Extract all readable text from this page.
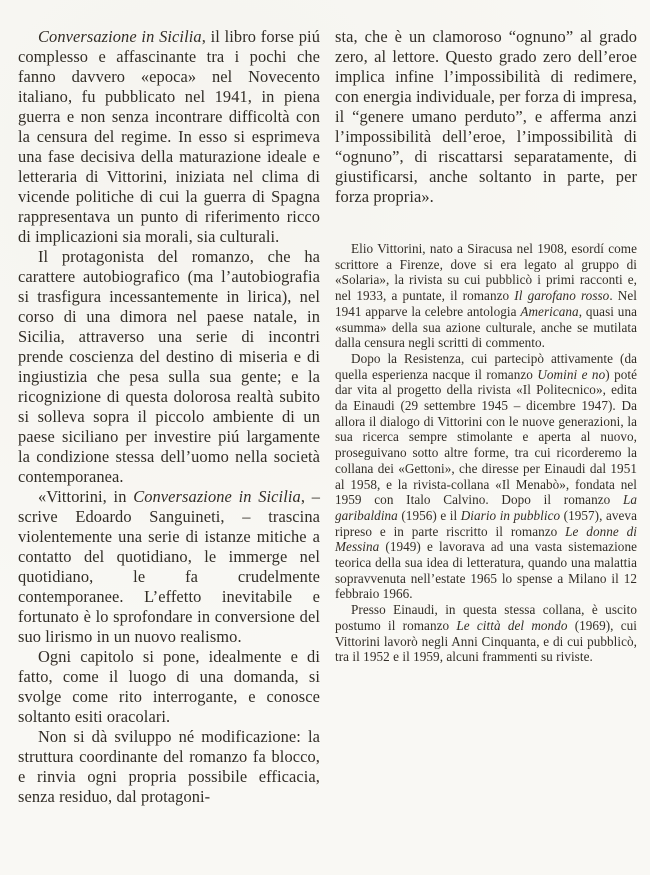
Conversazione in Sicilia, il libro forse piú complesso e affascinante tra i pochi che fanno davvero «epoca» nel Novecento italiano, fu pubblicato nel 1941, in piena guerra e non senza incontrare difficoltà con la censura del regime. In esso si esprimeva una fase decisiva della maturazione ideale e letteraria di Vittorini, iniziata nel clima di vicende politiche di cui la guerra di Spagna rappresentava un punto di riferimento ricco di implicazioni sia morali, sia culturali.

Il protagonista del romanzo, che ha carattere autobiografico (ma l’autobiografia si trasfigura incessantemente in lirica), nel corso di una dimora nel paese natale, in Sicilia, attraverso una serie di incontri prende coscienza del destino di miseria e di ingiustizia che pesa sulla sua gente; e la ricognizione di questa dolorosa realtà subito si solleva sopra il piccolo ambiente di un paese siciliano per investire piú largamente la condizione stessa dell’uomo nella società contemporanea.

«Vittorini, in Conversazione in Sicilia, – scrive Edoardo Sanguineti, – trascina violentemente una serie di istanze mitiche a contatto del quotidiano, le immerge nel quotidiano, le fa crudelmente contemporanee. L’effetto inevitabile e fortunato è lo sprofondare in conversione del suo lirismo in un nuovo realismo.

Ogni capitolo si pone, idealmente e di fatto, come il luogo di una domanda, si svolge come rito interrogante, e conosce soltanto esiti oracolari.

Non si dà sviluppo né modificazione: la struttura coordinante del romanzo fa blocco, e rinvia ogni propria possibile efficacia, senza residuo, dal protagoni-

sta, che è un clamoroso “ognuno” al grado zero, al lettore. Questo grado zero dell’eroe implica infine l’impossibilità di redimere, con energia individuale, per forza di impresa, il “genere umano perduto”, e afferma anzi l’impossibilità dell’eroe, l’impossibilità di “ognuno”, di riscattarsi separatamente, di giustificarsi, anche soltanto in parte, per forza propria».

Elio Vittorini, nato a Siracusa nel 1908, esordí come scrittore a Firenze, dove si era legato al gruppo di «Solaria», la rivista su cui pubblicò i primi racconti e, nel 1933, a puntate, il romanzo Il garofano rosso. Nel 1941 apparve la celebre antologia Americana, quasi una «summa» della sua azione culturale, anche se mutilata dalla censura negli scritti di commento.

Dopo la Resistenza, cui partecipò attivamente (da quella esperienza nacque il romanzo Uomini e no) poté dar vita al progetto della rivista «Il Politecnico», edita da Einaudi (29 settembre 1945 – dicembre 1947). Da allora il dialogo di Vittorini con le nuove generazioni, la sua ricerca sempre stimolante e aperta al nuovo, proseguivano sotto altre forme, tra cui ricorderemo la collana dei «Gettoni», che diresse per Einaudi dal 1951 al 1958, e la rivista-collana «Il Menabò», fondata nel 1959 con Italo Calvino. Dopo il romanzo La garibaldina (1956) e il Diario in pubblico (1957), aveva ripreso e in parte riscritto il romanzo Le donne di Messina (1949) e lavorava ad una vasta sistemazione teorica della sua idea di letteratura, quando una malattia sopravvenuta nell’estate 1965 lo spense a Milano il 12 febbraio 1966.

Presso Einaudi, in questa stessa collana, è uscito postumo il romanzo Le città del mondo (1969), cui Vittorini lavorò negli Anni Cinquanta, e di cui pubblicò, tra il 1952 e il 1959, alcuni frammenti su riviste.
